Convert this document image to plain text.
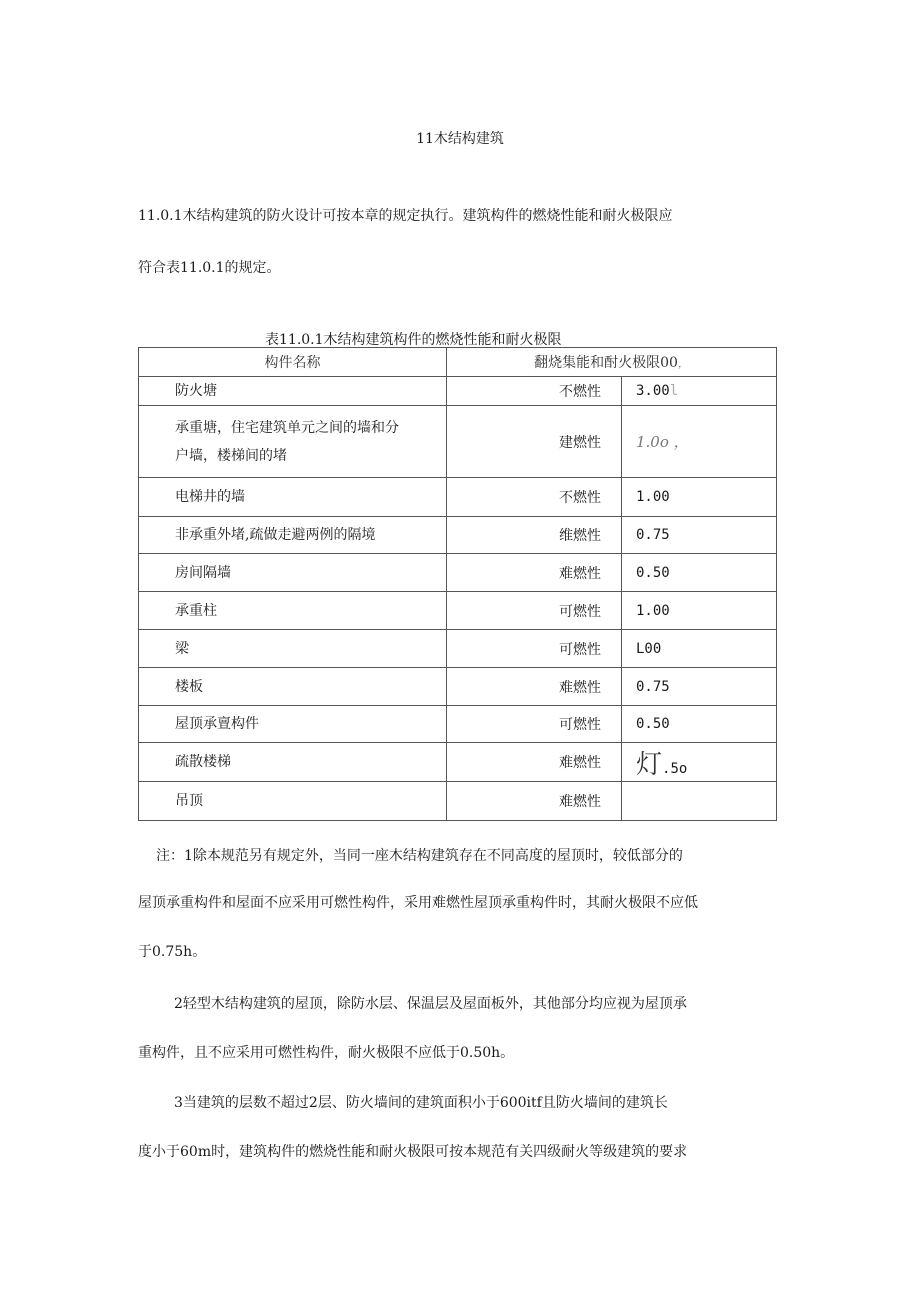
11木结构建筑
11.0.1木结构建筑的防火设计可按本章的规定执行。建筑构件的燃烧性能和耐火极限应
符合表11.0.1的规定。
表11.0.1木结构建筑构件的燃烧性能和耐火极限
构件名称	翻烧集能和酎火极限00，	
防火塘	不燃性	3.00l

承重塘，住宅建筑单元之间的墙和分
户墙，楼梯间的堵	建燃性	1.0o ，
电梯井的墙	不燃性	1.00
非承重外堵,疏做走避两例的隔境	维燃性	0.75
房间隔墙	难燃性	0.50
承重柱	可燃性	1.00
梁	可燃性	L00
楼板	难燃性	0.75
屋顶承亶构件	可燃性	0.50
疏散楼梯	难燃性	灯.5o
吊顶	难燃性	
注：1除本规范另有规定外，当同一座木结构建筑存在不同高度的屋顶时，较低部分的
屋顶承重构件和屋面不应采用可燃性构件，采用难燃性屋顶承重构件时，其耐火极限不应低
于0.75h。
2轻型木结构建筑的屋顶，除防水层、保温层及屋面板外，其他部分均应视为屋顶承
重构件，且不应采用可燃性构件，耐火极限不应低于0.50h。
3当建筑的层数不超过2层、防火墙间的建筑面积小于600itf且防火墙间的建筑长
度小于60m时，建筑构件的燃烧性能和耐火极限可按本规范有关四级耐火等级建筑的要求
